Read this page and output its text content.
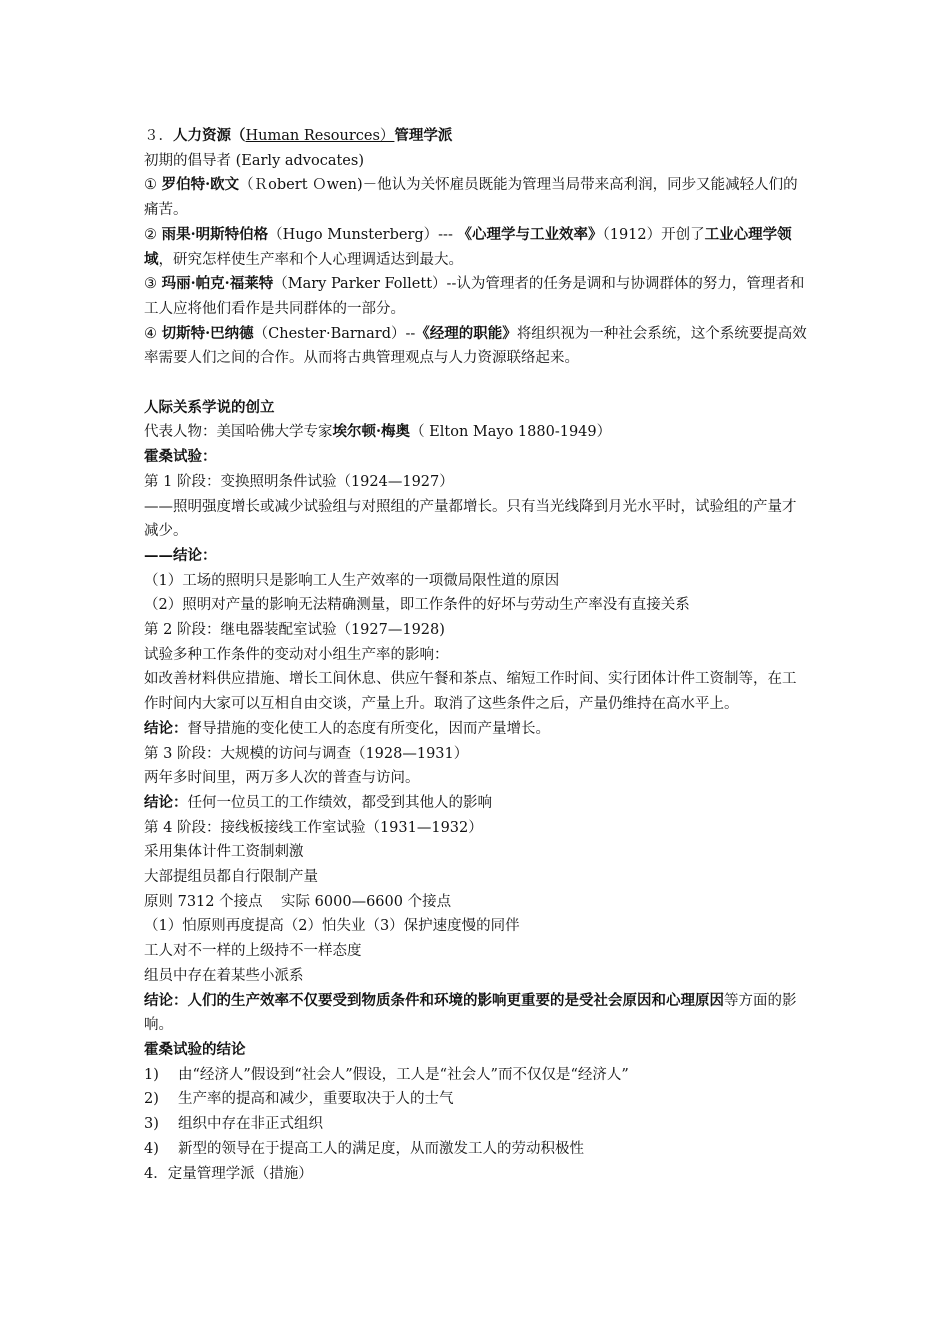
３．人力资源（Human Resources）管理学派

初期的倡导者 (Early advocates)

① 罗伯特·欧文（Ｒobert Ｏwen)－他认为关怀雇员既能为管理当局带来高利润，同步又能减轻人们的痛苦。

② 雨果·明斯特伯格（Hugo Munsterberg）--- 《心理学与工业效率》（1912）开创了工业心理学领域，研究怎样使生产率和个人心理调适达到最大。

③ 玛丽·帕克·福莱特（Mary Parker Follett）--认为管理者的任务是调和与协调群体的努力，管理者和工人应将他们看作是共同群体的一部分。

④ 切斯特·巴纳德（Chester·Barnard）--《经理的职能》将组织视为一种社会系统，这个系统要提高效率需要人们之间的合作。从而将古典管理观点与人力资源联络起来。

人际关系学说的创立

代表人物：美国哈佛大学专家埃尔顿·梅奥（ Elton Mayo 1880-1949）

霍桑试验：

第 1 阶段：变换照明条件试验（1924—1927）

——照明强度增长或减少试验组与对照组的产量都增长。只有当光线降到月光水平时，试验组的产量才减少。

——结论：

（1）工场的照明只是影响工人生产效率的一项微局限性道的原因

（2）照明对产量的影响无法精确测量，即工作条件的好坏与劳动生产率没有直接关系

第 2 阶段：继电器装配室试验（1927—1928)

试验多种工作条件的变动对小组生产率的影响：

如改善材料供应措施、增长工间休息、供应午餐和茶点、缩短工作时间、实行团体计件工资制等，在工作时间内大家可以互相自由交谈，产量上升。取消了这些条件之后，产量仍维持在高水平上。

结论：督导措施的变化使工人的态度有所变化，因而产量增长。

第 3 阶段：大规模的访问与调查（1928—1931）

两年多时间里，两万多人次的普查与访问。

结论：任何一位员工的工作绩效，都受到其他人的影响

第 4 阶段：接线板接线工作室试验（1931—1932）

采用集体计件工资制刺激

大部提组员都自行限制产量

原则 7312 个接点    实际 6000—6600 个接点

（1）怕原则再度提高（2）怕失业（3）保护速度慢的同伴

工人对不一样的上级持不一样态度

组员中存在着某些小派系

结论：人们的生产效率不仅要受到物质条件和环境的影响更重要的是受社会原因和心理原因等方面的影响。

霍桑试验的结论

1)	由“经济人”假设到“社会人”假设，工人是“社会人”而不仅仅是“经济人”
2)	生产率的提高和减少，重要取决于人的士气
3)	组织中存在非正式组织
4)	新型的领导在于提高工人的满足度，从而激发工人的劳动积极性

4．定量管理学派（措施）
